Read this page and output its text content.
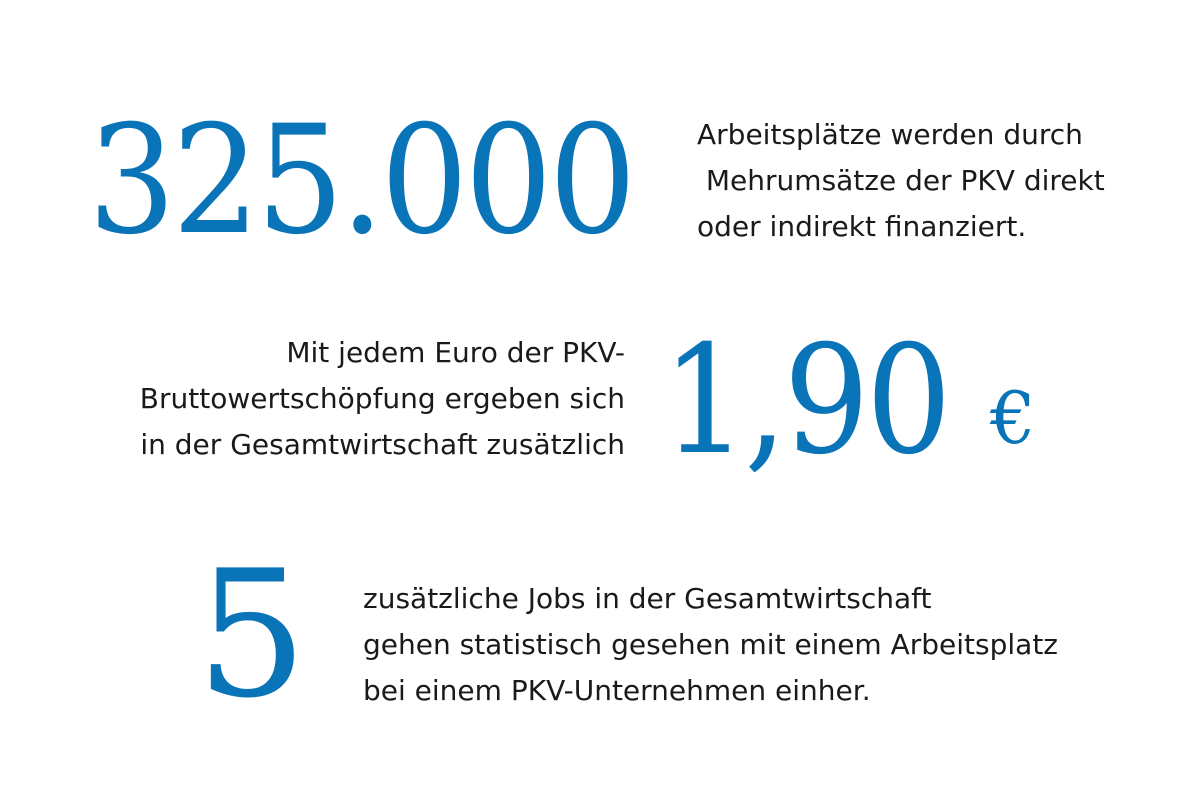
325.000 Arbeitsplätze werden durch
Mehrumsätze der PKV direkt
oder indirekt finanziert.
Mit jedem Euro der PKV-
Bruttowertschöpfung ergeben sich
in der Gesamtwirtschaft zusätzlich 1,90 €
5 zusätzliche Jobs in der Gesamtwirtschaft
gehen statistisch gesehen mit einem Arbeitsplatz
bei einem PKV-Unternehmen einher.
